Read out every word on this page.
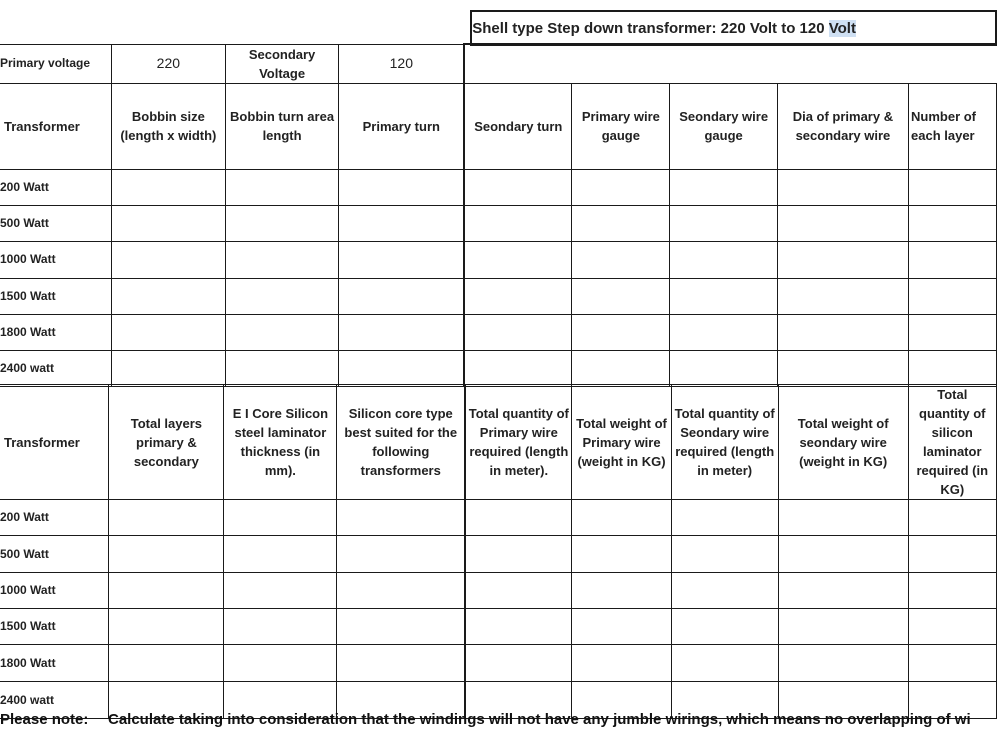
	Shell type Step down transformer: 220 Volt to 120 Volt
Primary voltage	220	Secondary Voltage	120					
Transformer	Bobbin size (length x width)	Bobbin turn area length	Primary turn	Seondary turn	Primary wire gauge	Seondary wire gauge	Dia of primary & secondary wire	Number of each layer
200 Watt								
500 Watt								
1000 Watt								
1500 Watt								
1800 Watt								
2400 watt								
Transformer	Total layers primary & secondary	E I Core Silicon steel laminator thickness (in mm).	Silicon core type best suited for the following transformers	Total quantity of Primary wire required (length in meter).	Total weight of Primary wire (weight in KG)	Total quantity of Seondary wire required (length in meter)	Total weight of seondary wire (weight in KG)	Total quantity of silicon laminator required (in KG)
200 Watt								
500 Watt								
1000 Watt								
1500 Watt								
1800 Watt								
2400 watt								
Please note: Calculate taking into consideration that the windings will not have any jumble wirings, which means no overlapping of wi
